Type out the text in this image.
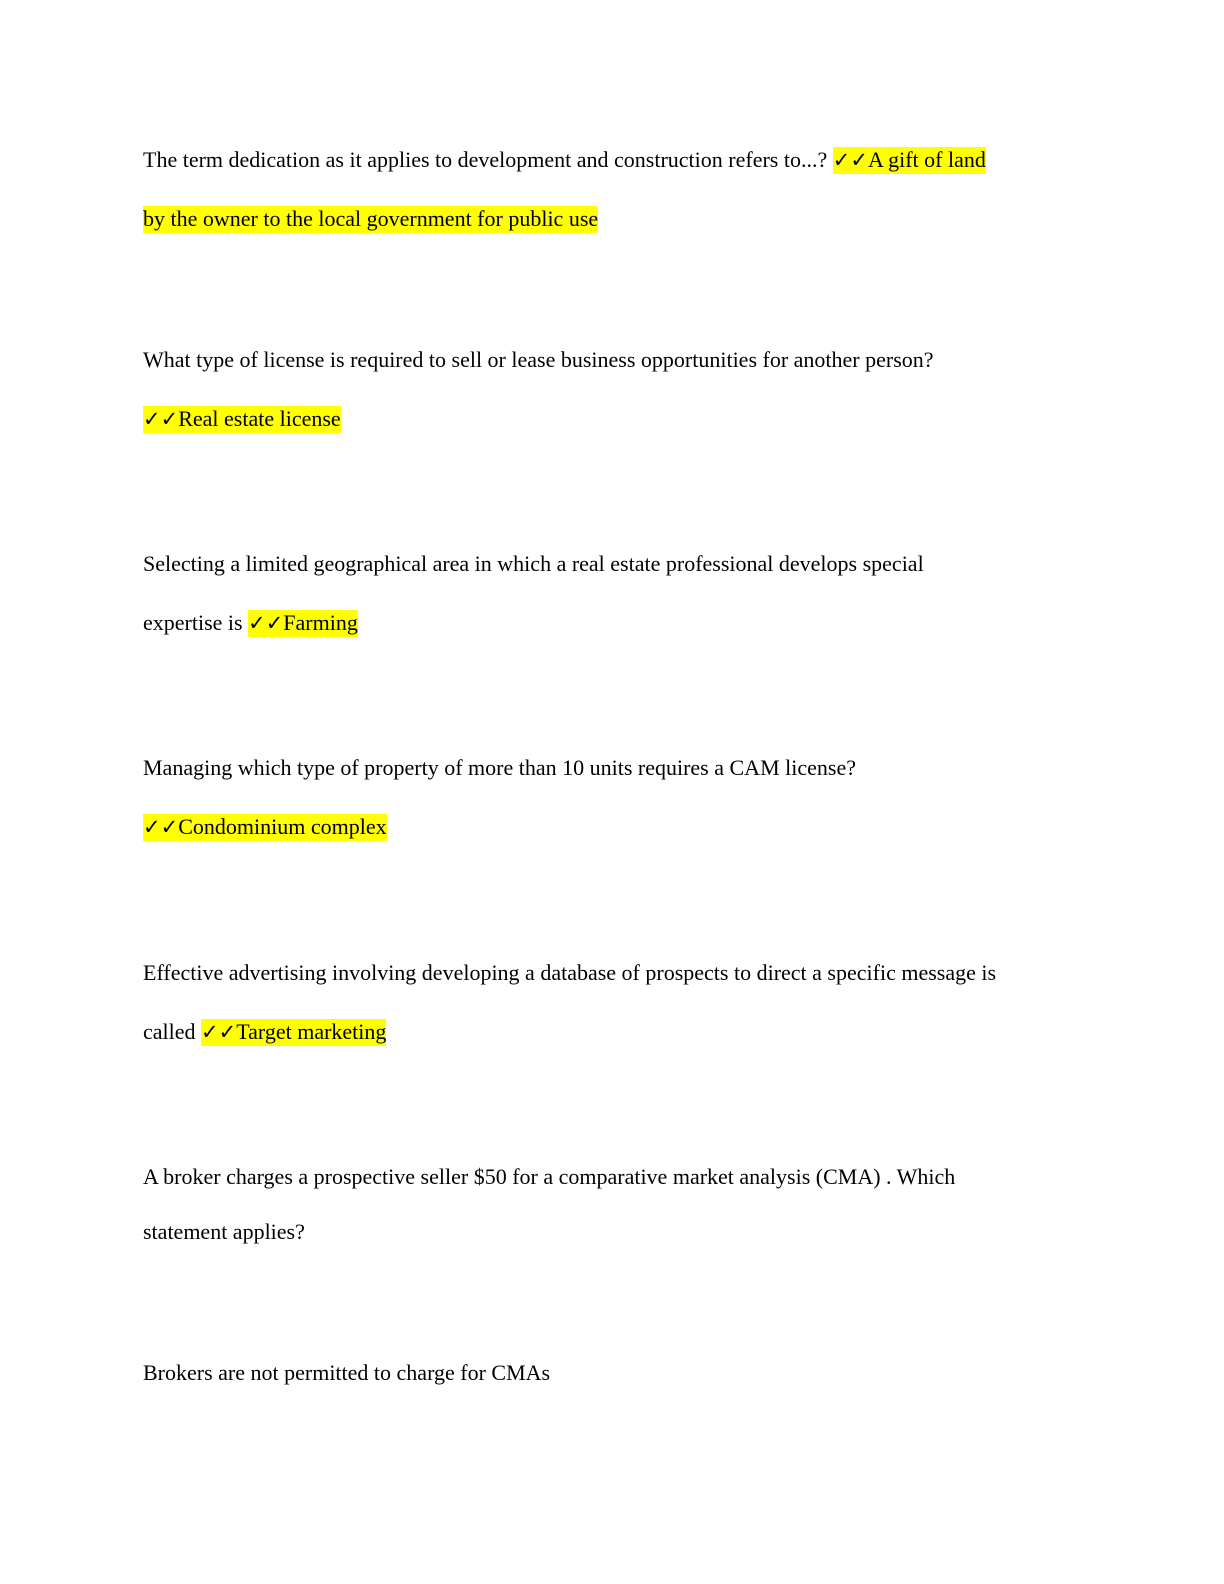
The term dedication as it applies to development and construction refers to...? ✓✓A gift of land
by the owner to the local government for public use
What type of license is required to sell or lease business opportunities for another person?
✓✓Real estate license
Selecting a limited geographical area in which a real estate professional develops special
expertise is ✓✓Farming
Managing which type of property of more than 10 units requires a CAM license?
✓✓Condominium complex
Effective advertising involving developing a database of prospects to direct a specific message is
called ✓✓Target marketing
A broker charges a prospective seller $50 for a comparative market analysis (CMA) . Which
statement applies?
Brokers are not permitted to charge for CMAs
